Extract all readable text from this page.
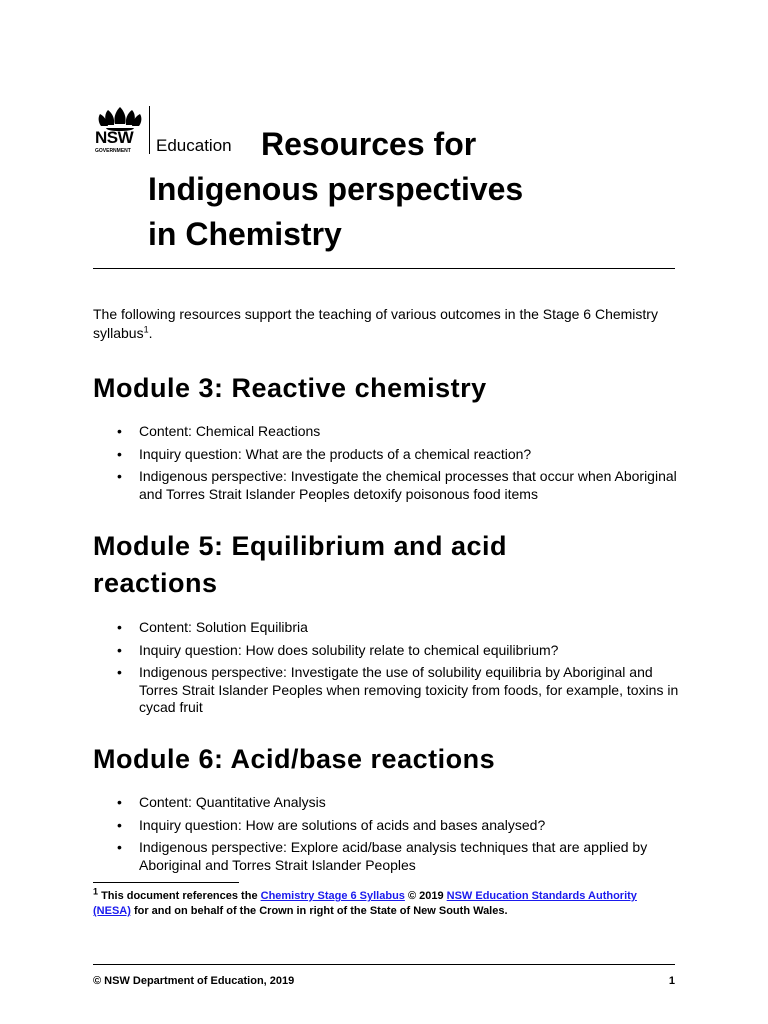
NSW
GOVERNMENT Education Resources for
Indigenous perspectives
in Chemistry

The following resources support the teaching of various outcomes in the Stage 6 Chemistry syllabus$^1$.

Module 3: Reactive chemistry
• Content: Chemical Reactions
• Inquiry question: What are the products of a chemical reaction?
• Indigenous perspective: Investigate the chemical processes that occur when Aboriginal and Torres Strait Islander Peoples detoxify poisonous food items
Module 5: Equilibrium and acid
reactions
• Content: Solution Equilibria
• Inquiry question: How does solubility relate to chemical equilibrium?
• Indigenous perspective: Investigate the use of solubility equilibria by Aboriginal and Torres Strait Islander Peoples when removing toxicity from foods, for example, toxins in cycad fruit
Module 6: Acid/base reactions
• Content: Quantitative Analysis
• Inquiry question: How are solutions of acids and bases analysed?
• Indigenous perspective: Explore acid/base analysis techniques that are applied by Aboriginal and Torres Strait Islander Peoples

$^1$ This document references the Chemistry Stage 6 Syllabus © 2019 NSW Education Standards Authority (NESA) for and on behalf of the Crown in right of the State of New South Wales.

© NSW Department of Education, 2019	1
